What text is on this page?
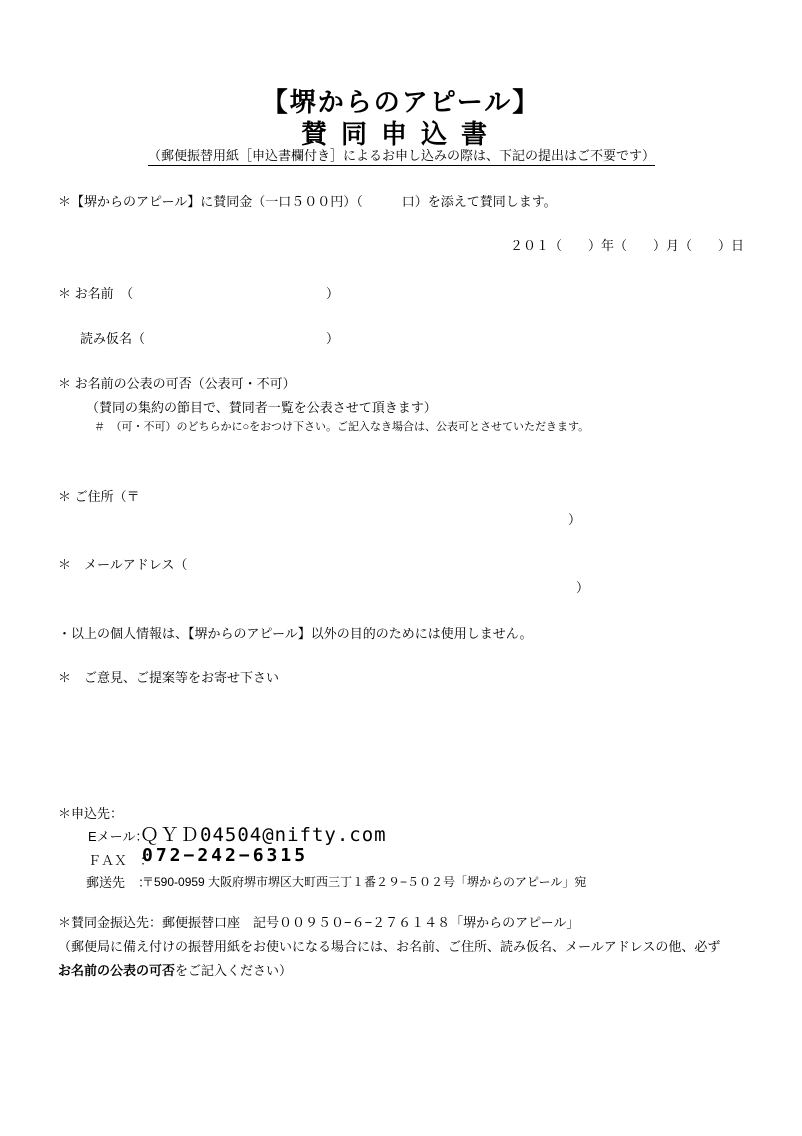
【堺からのアピール】
賛同申込書
（郵便振替用紙［申込書欄付き］によるお申し込みの際は、下記の提出はご不要です）
＊【堺からのアピール】に賛同金（一口５００円）（　　　口）を添えて賛同します。
２０１（　　）年（　　）月（　　）日
＊ お名前　（	）
読み仮名（	）
＊ お名前の公表の可否（公表可・不可）
（賛同の集約の節目で、賛同者一覧を公表させて頂きます）
＃　（可・不可）のどちらかに○をおつけ下さい。ご記入なき場合は、公表可とさせていただきます。
＊ ご住所（〒
）
＊　メールアドレス（
）
・以上の個人情報は、【堺からのアピール】以外の目的のためには使用しません。
＊　ご意見、ご提案等をお寄せ下さい
＊申込先：
Eメール：
ＱＹＤ04504@nifty.com
ＦＡＸ　：
072−242−6315
郵送先　：
〒590-0959 大阪府堺市堺区大町西三丁１番２９−５０２号「堺からのアピール」宛
＊賛同金振込先：郵便振替口座　記号００９５０−６−２７６１４８「堺からのアピール」
（郵便局に備え付けの振替用紙をお使いになる場合には、お名前、ご住所、読み仮名、メールアドレスの他、必ず
お名前の公表の可否をご記入ください）
